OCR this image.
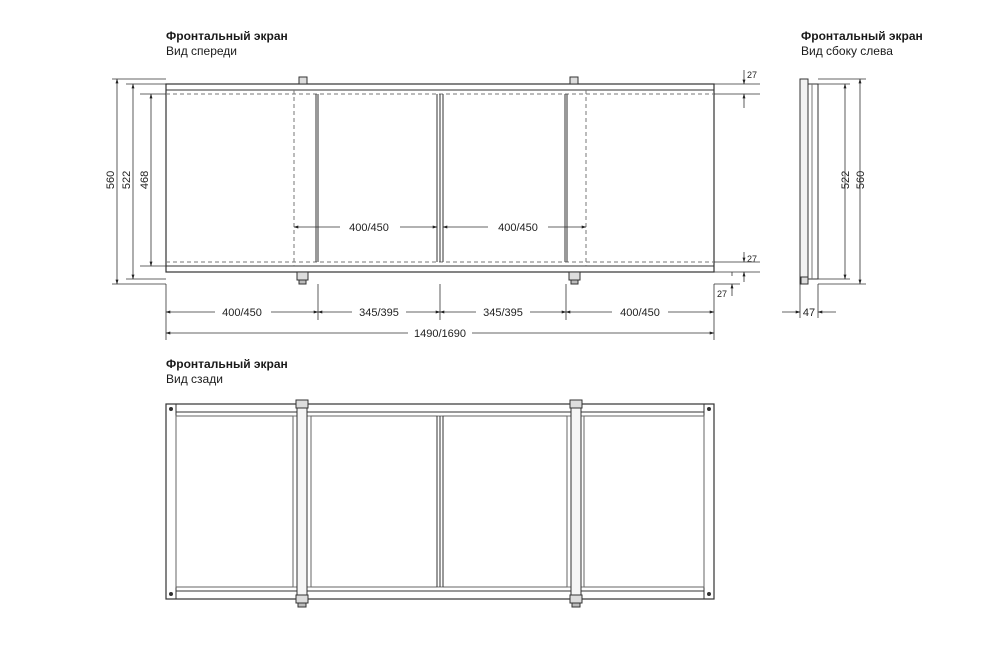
Фронтальный экран
Вид спереди
Фронтальный экран
Вид сбоку слева
Фронтальный экран
Вид сзади
560 522 468
27
27
27
400/450	400/450
400/450	345/395	345/395	400/450
1490/1690
522 560
47
